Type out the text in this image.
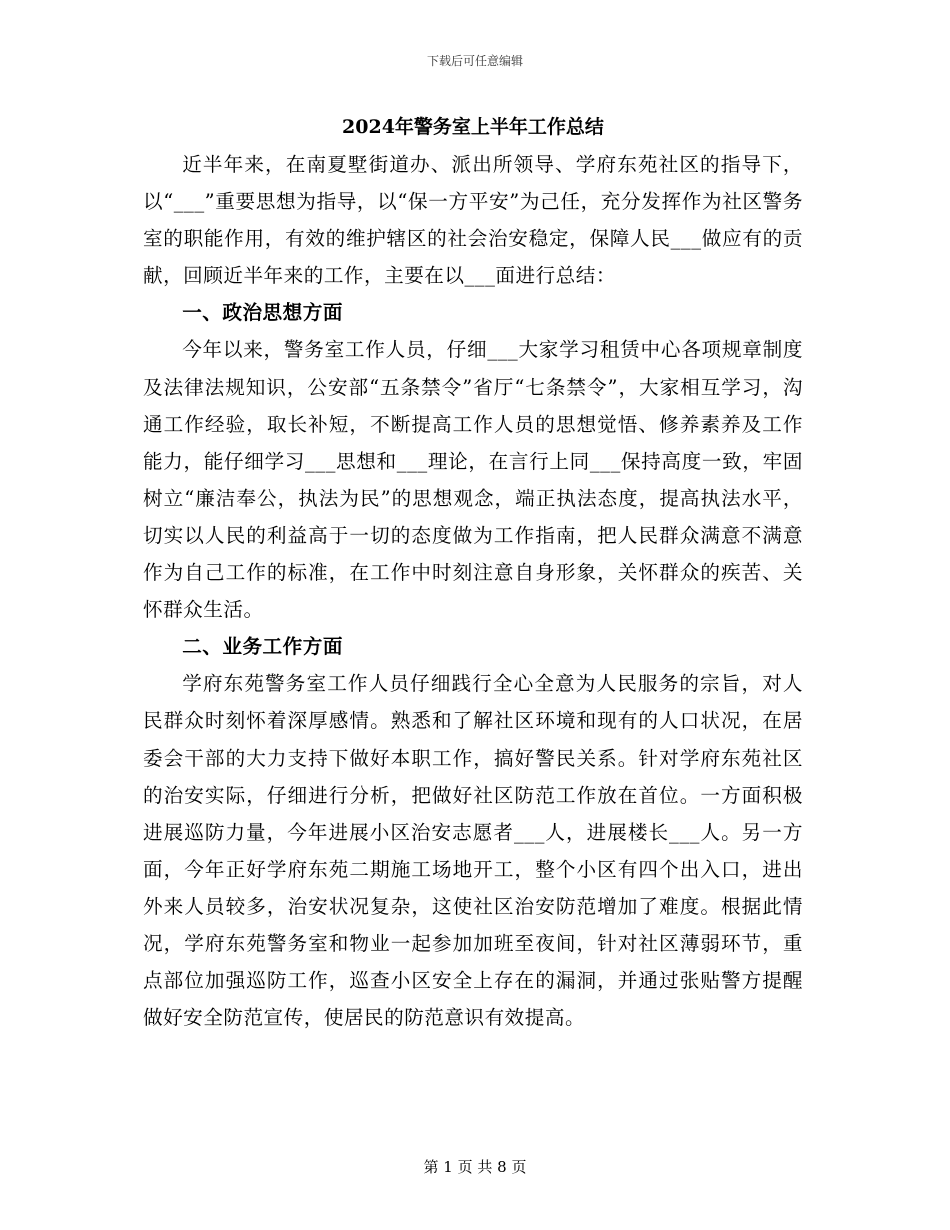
下载后可任意编辑
2024年警务室上半年工作总结

近半年来，在南夏墅街道办、派出所领导、学府东苑社区的指导下，以“___”重要思想为指导，以“保一方平安”为己任，充分发挥作为社区警务室的职能作用，有效的维护辖区的社会治安稳定，保障人民___做应有的贡献，回顾近半年来的工作，主要在以___面进行总结：

一、政治思想方面

今年以来，警务室工作人员，仔细___大家学习租赁中心各项规章制度及法律法规知识，公安部“五条禁令”省厅“七条禁令”，大家相互学习，沟通工作经验，取长补短，不断提高工作人员的思想觉悟、修养素养及工作能力，能仔细学习___思想和___理论，在言行上同___保持高度一致，牢固树立“廉洁奉公，执法为民”的思想观念，端正执法态度，提高执法水平，切实以人民的利益高于一切的态度做为工作指南，把人民群众满意不满意作为自己工作的标准，在工作中时刻注意自身形象，关怀群众的疾苦、关怀群众生活。

二、业务工作方面

学府东苑警务室工作人员仔细践行全心全意为人民服务的宗旨，对人民群众时刻怀着深厚感情。熟悉和了解社区环境和现有的人口状况，在居委会干部的大力支持下做好本职工作，搞好警民关系。针对学府东苑社区的治安实际，仔细进行分析，把做好社区防范工作放在首位。一方面积极进展巡防力量，今年进展小区治安志愿者___人，进展楼长___人。另一方面，今年正好学府东苑二期施工场地开工，整个小区有四个出入口，进出外来人员较多，治安状况复杂，这使社区治安防范增加了难度。根据此情况，学府东苑警务室和物业一起参加加班至夜间，针对社区薄弱环节，重点部位加强巡防工作，巡查小区安全上存在的漏洞，并通过张贴警方提醒做好安全防范宣传，使居民的防范意识有效提高。

第 1 页 共 8 页
